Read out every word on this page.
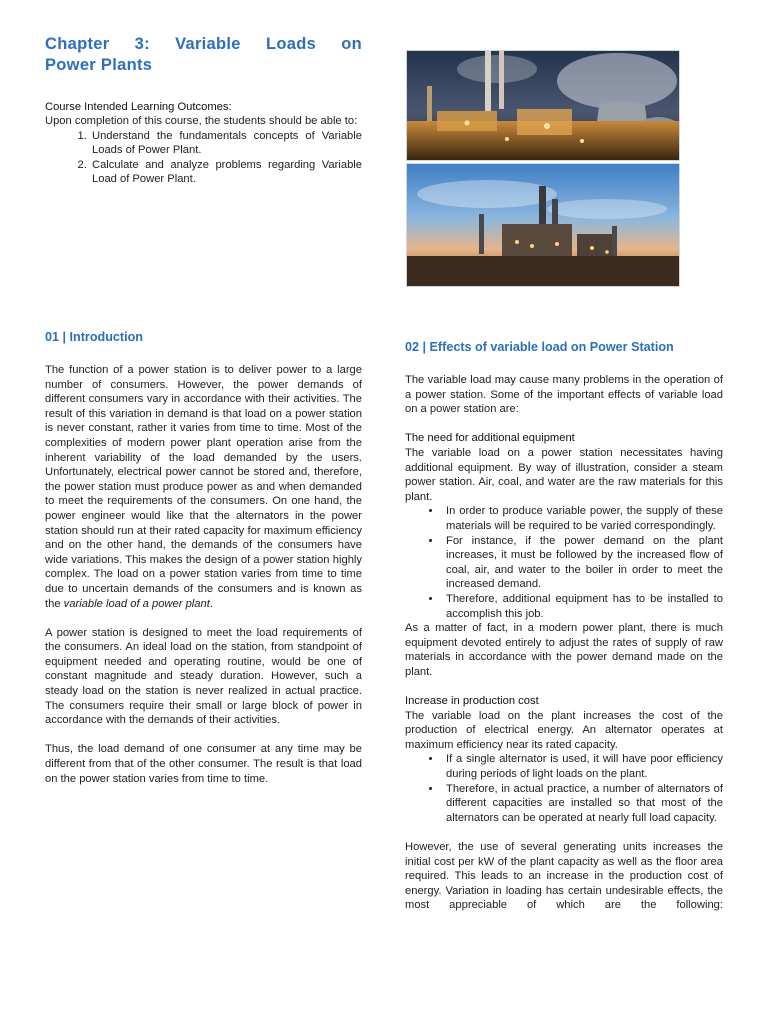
Chapter 3: Variable Loads on
Power Plants
Course Intended Learning Outcomes:

Upon completion of this course, the students should be able to:

1. Understand the fundamentals concepts of Variable Loads of Power Plant.
2. Calculate and analyze problems regarding Variable Load of Power Plant.
01 | Introduction

The function of a power station is to deliver power to a large number of consumers. However, the power demands of different consumers vary in accordance with their activities. The result of this variation in demand is that load on a power station is never constant, rather it varies from time to time. Most of the complexities of modern power plant operation arise from the inherent variability of the load demanded by the users. Unfortunately, electrical power cannot be stored and, therefore, the power station must produce power as and when demanded to meet the requirements of the consumers. On one hand, the power engineer would like that the alternators in the power station should run at their rated capacity for maximum efficiency and on the other hand, the demands of the consumers have wide variations. This makes the design of a power station highly complex. The load on a power station varies from time to time due to uncertain demands of the consumers and is known as the variable load of a power plant.

A power station is designed to meet the load requirements of the consumers. An ideal load on the station, from standpoint of equipment needed and operating routine, would be one of constant magnitude and steady duration. However, such a steady load on the station is never realized in actual practice. The consumers require their small or large block of power in accordance with the demands of their activities.

Thus, the load demand of one consumer at any time may be different from that of the other consumer. The result is that load on the power station varies from time to time.

02 | Effects of variable load on Power Station

The variable load may cause many problems in the operation of a power station. Some of the important effects of variable load on a power station are:

The need for additional equipment

The variable load on a power station necessitates having additional equipment. By way of illustration, consider a steam power station. Air, coal, and water are the raw materials for this plant.

• In order to produce variable power, the supply of these materials will be required to be varied correspondingly.
• For instance, if the power demand on the plant increases, it must be followed by the increased flow of coal, air, and water to the boiler in order to meet the increased demand.
• Therefore, additional equipment has to be installed to accomplish this job.

As a matter of fact, in a modern power plant, there is much equipment devoted entirely to adjust the rates of supply of raw materials in accordance with the power demand made on the plant.

Increase in production cost

The variable load on the plant increases the cost of the production of electrical energy. An alternator operates at maximum efficiency near its rated capacity.

• If a single alternator is used, it will have poor efficiency during periods of light loads on the plant.
• Therefore, in actual practice, a number of alternators of different capacities are installed so that most of the alternators can be operated at nearly full load capacity.

However, the use of several generating units increases the initial cost per kW of the plant capacity as well as the floor area required. This leads to an increase in the production cost of energy. Variation in loading has certain undesirable effects, the most appreciable of which are the following:
